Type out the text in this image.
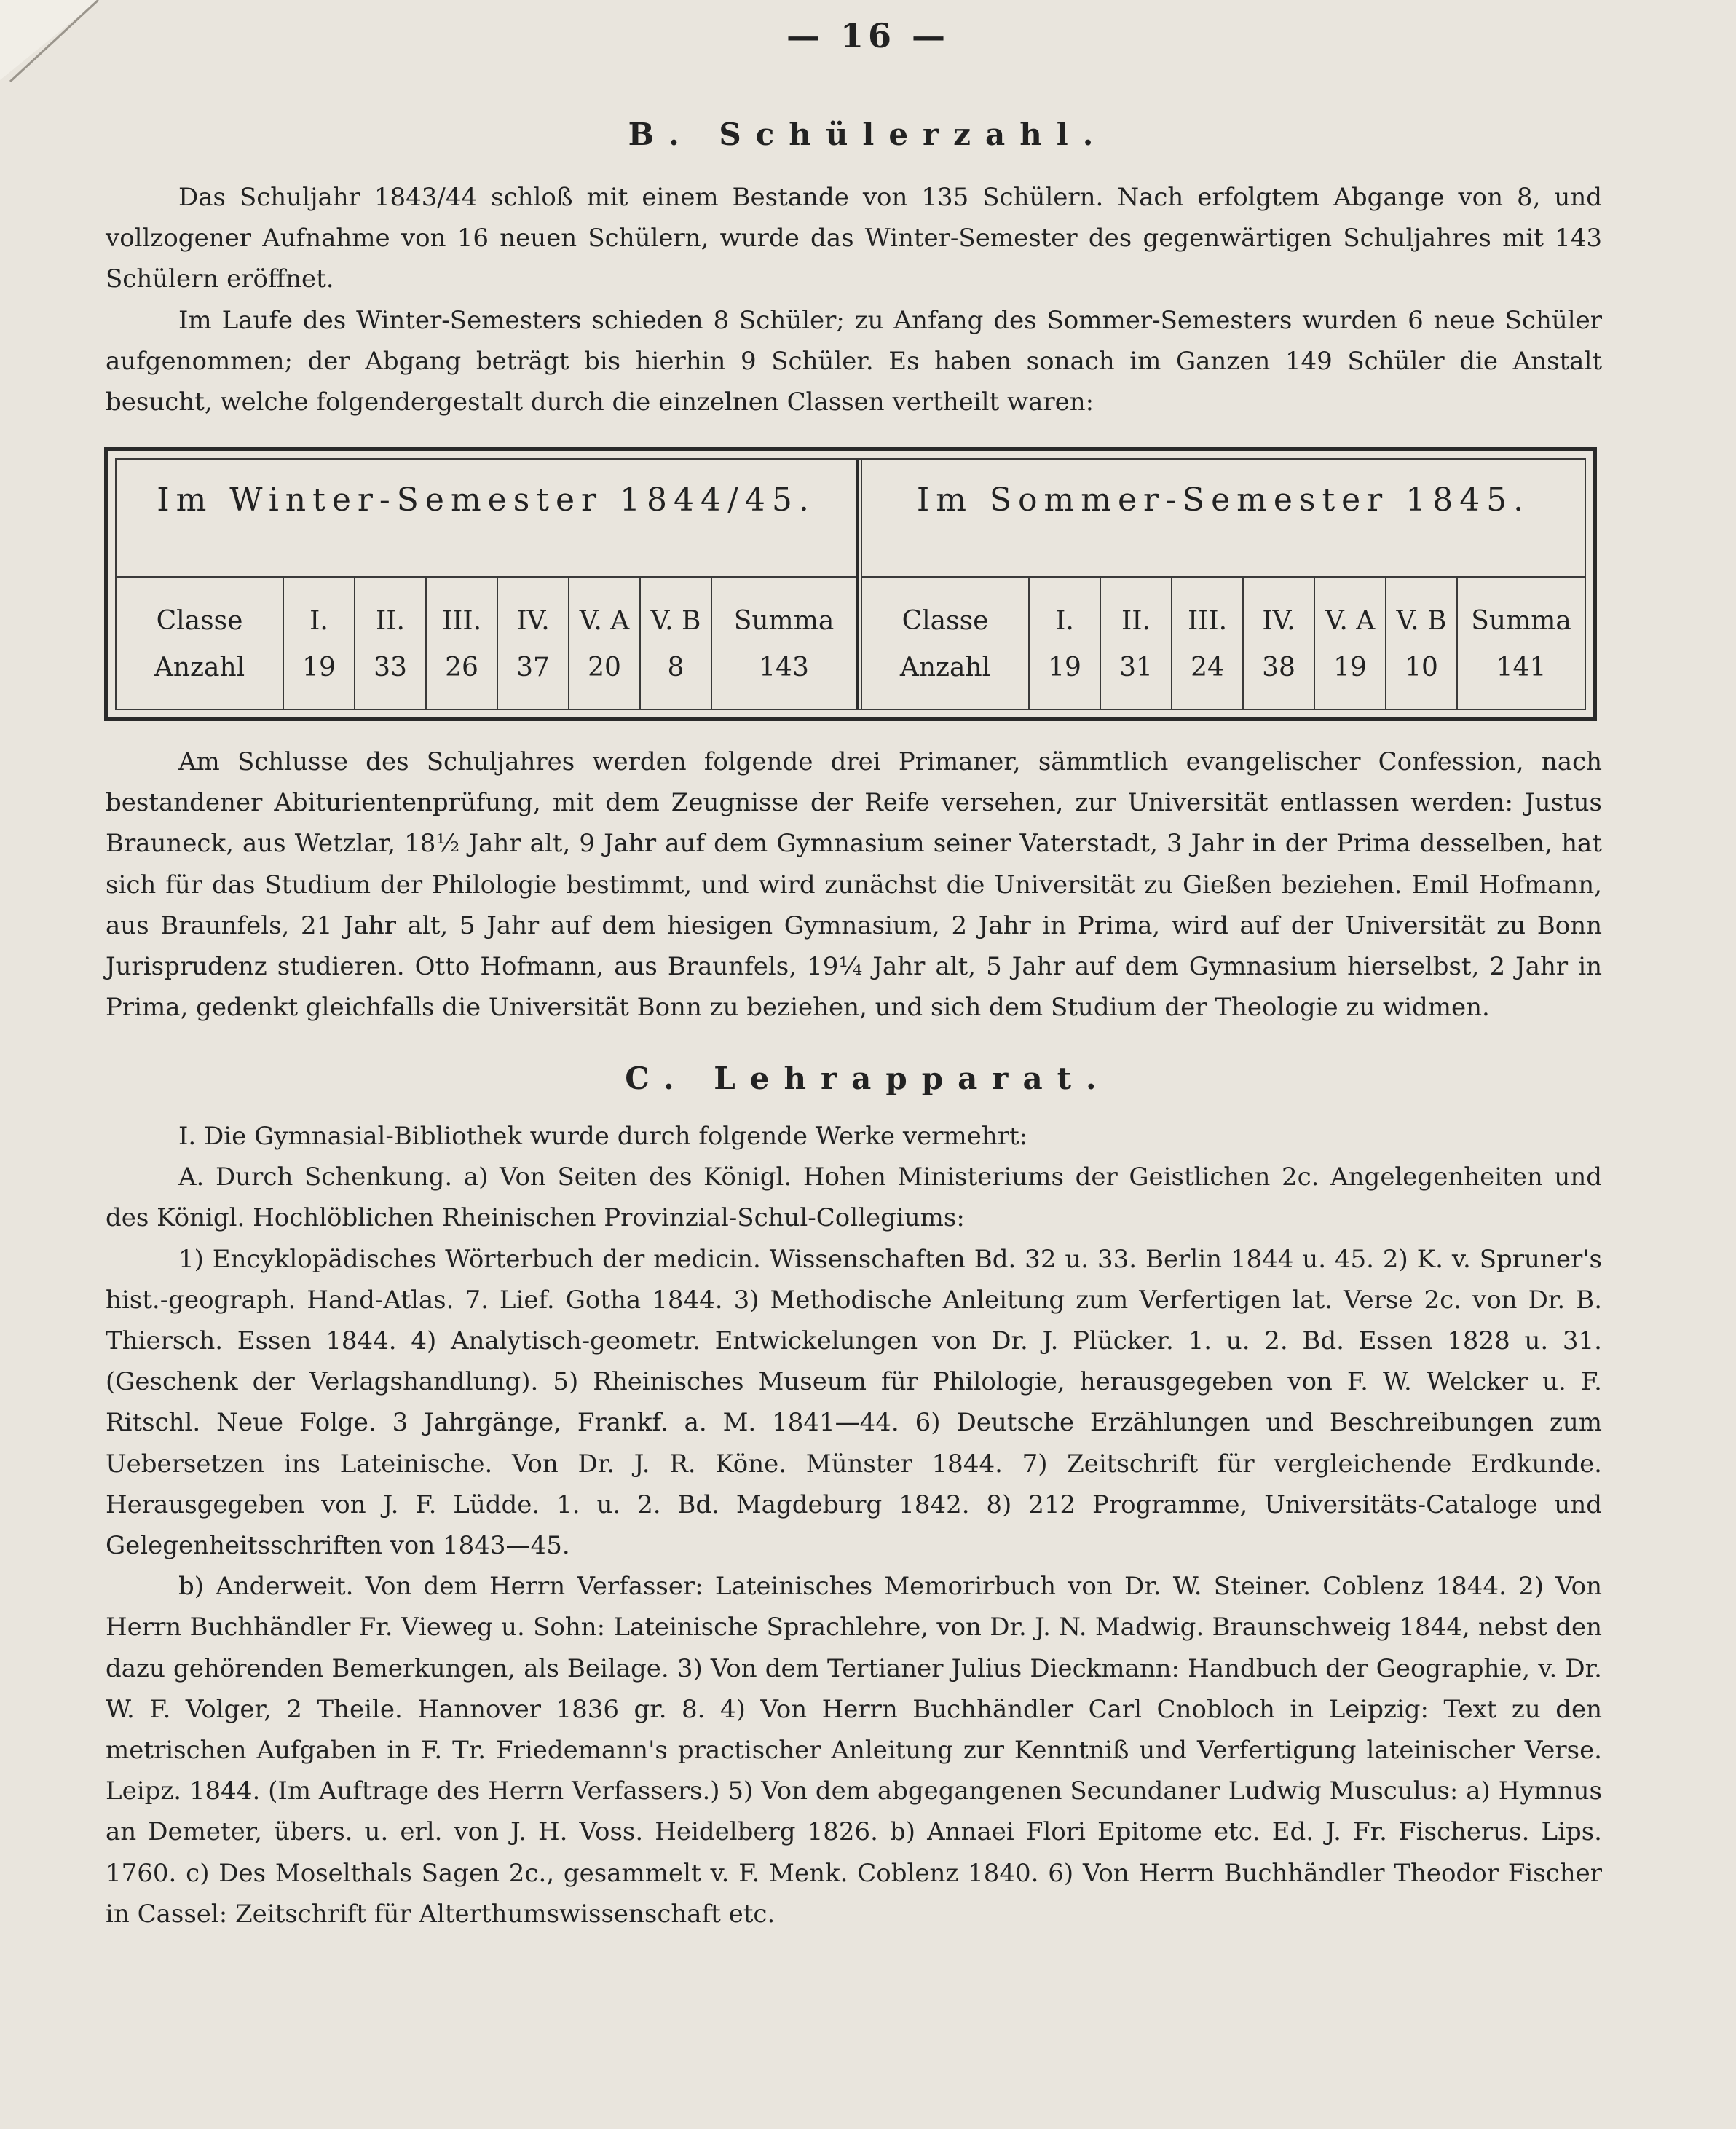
— 16 —
B. Schülerzahl.

Das Schuljahr 1843/44 schloß mit einem Bestande von 135 Schülern. Nach erfolgtem Abgange von 8, und vollzogener Aufnahme von 16 neuen Schülern, wurde das Winter-Semester des gegenwärtigen Schuljahres mit 143 Schülern eröffnet.

Im Laufe des Winter-Semesters schieden 8 Schüler; zu Anfang des Sommer-Semesters wurden 6 neue Schüler aufgenommen; der Abgang beträgt bis hierhin 9 Schüler. Es haben sonach im Ganzen 149 Schüler die Anstalt besucht, welche folgendergestalt durch die einzelnen Classen vertheilt waren:

Im Winter-Semester 1844/45.
Classe
Anzahl
I.
19
II.
33
III.
26
IV.
37
V. A
20
V. B
8
Summa
143
Im Sommer-Semester 1845.
Classe
Anzahl
I.
19
II.
31
III.
24
IV.
38
V. A
19
V. B
10
Summa
141

Am Schlusse des Schuljahres werden folgende drei Primaner, sämmtlich evangelischer Confession, nach bestandener Abiturientenprüfung, mit dem Zeugnisse der Reife versehen, zur Universität entlassen werden: Justus Brauneck, aus Wetzlar, 18½ Jahr alt, 9 Jahr auf dem Gymnasium seiner Vaterstadt, 3 Jahr in der Prima desselben, hat sich für das Studium der Philologie bestimmt, und wird zunächst die Universität zu Gießen beziehen. Emil Hofmann, aus Braunfels, 21 Jahr alt, 5 Jahr auf dem hiesigen Gymnasium, 2 Jahr in Prima, wird auf der Universität zu Bonn Jurisprudenz studieren. Otto Hofmann, aus Braunfels, 19¼ Jahr alt, 5 Jahr auf dem Gymnasium hierselbst, 2 Jahr in Prima, gedenkt gleichfalls die Universität Bonn zu beziehen, und sich dem Studium der Theologie zu widmen.

C. Lehrapparat.

I. Die Gymnasial-Bibliothek wurde durch folgende Werke vermehrt:

A. Durch Schenkung. a) Von Seiten des Königl. Hohen Ministeriums der Geistlichen 2c. Angelegenheiten und des Königl. Hochlöblichen Rheinischen Provinzial-Schul-Collegiums:

1) Encyklopädisches Wörterbuch der medicin. Wissenschaften Bd. 32 u. 33. Berlin 1844 u. 45. 2) K. v. Spruner's hist.-geograph. Hand-Atlas. 7. Lief. Gotha 1844. 3) Methodische Anleitung zum Verfertigen lat. Verse 2c. von Dr. B. Thiersch. Essen 1844. 4) Analytisch-geometr. Entwickelungen von Dr. J. Plücker. 1. u. 2. Bd. Essen 1828 u. 31. (Geschenk der Verlagshandlung). 5) Rheinisches Museum für Philologie, herausgegeben von F. W. Welcker u. F. Ritschl. Neue Folge. 3 Jahrgänge, Frankf. a. M. 1841—44. 6) Deutsche Erzählungen und Beschreibungen zum Uebersetzen ins Lateinische. Von Dr. J. R. Köne. Münster 1844. 7) Zeitschrift für vergleichende Erdkunde. Herausgegeben von J. F. Lüdde. 1. u. 2. Bd. Magdeburg 1842. 8) 212 Programme, Universitäts-Cataloge und Gelegenheitsschriften von 1843—45.

b) Anderweit. Von dem Herrn Verfasser: Lateinisches Memorirbuch von Dr. W. Steiner. Coblenz 1844. 2) Von Herrn Buchhändler Fr. Vieweg u. Sohn: Lateinische Sprachlehre, von Dr. J. N. Madwig. Braunschweig 1844, nebst den dazu gehörenden Bemerkungen, als Beilage. 3) Von dem Tertianer Julius Dieckmann: Handbuch der Geographie, v. Dr. W. F. Volger, 2 Theile. Hannover 1836 gr. 8. 4) Von Herrn Buchhändler Carl Cnobloch in Leipzig: Text zu den metrischen Aufgaben in F. Tr. Friedemann's practischer Anleitung zur Kenntniß und Verfertigung lateinischer Verse. Leipz. 1844. (Im Auftrage des Herrn Verfassers.) 5) Von dem abgegangenen Secundaner Ludwig Musculus: a) Hymnus an Demeter, übers. u. erl. von J. H. Voss. Heidelberg 1826. b) Annaei Flori Epitome etc. Ed. J. Fr. Fischerus. Lips. 1760. c) Des Moselthals Sagen 2c., gesammelt v. F. Menk. Coblenz 1840. 6) Von Herrn Buchhändler Theodor Fischer in Cassel: Zeitschrift für Alterthumswissenschaft etc.
